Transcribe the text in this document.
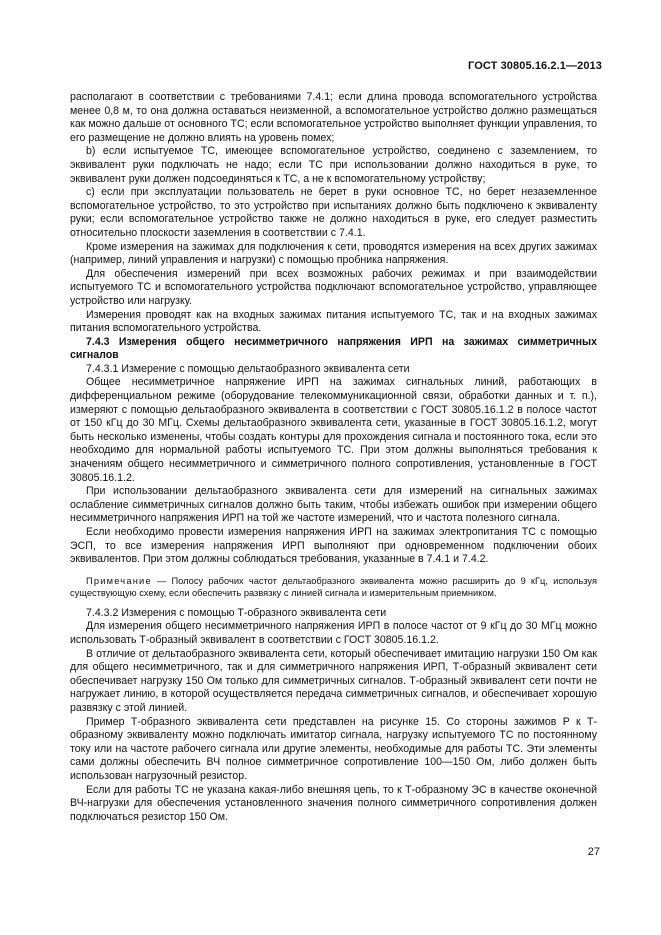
ГОСТ 30805.16.2.1—2013

располагают в соответствии с требованиями 7.4.1; если длина провода вспомогательного устройства менее 0,8 м, то она должна оставаться неизменной, а вспомогательное устройство должно размещаться как можно дальше от основного ТС; если вспомогательное устройство выполняет функции управления, то его размещение не должно влиять на уровень помех;

b) если испытуемое ТС, имеющее вспомогательное устройство, соединено с заземлением, то эквивалент руки подключать не надо; если ТС при использовании должно находиться в руке, то эквивалент руки должен подсоединяться к ТС, а не к вспомогательному устройству;

c) если при эксплуатации пользователь не берет в руки основное ТС, но берет незаземленное вспомогательное устройство, то это устройство при испытаниях должно быть подключено к эквиваленту руки; если вспомогательное устройство также не должно находиться в руке, его следует разместить относительно плоскости заземления в соответствии с 7.4.1.

Кроме измерения на зажимах для подключения к сети, проводятся измерения на всех других зажимах (например, линий управления и нагрузки) с помощью пробника напряжения.

Для обеспечения измерений при всех возможных рабочих режимах и при взаимодействии испытуемого ТС и вспомогательного устройства подключают вспомогательное устройство, управляющее устройство или нагрузку.

Измерения проводят как на входных зажимах питания испытуемого ТС, так и на входных зажимах питания вспомогательного устройства.

7.4.3 Измерения общего несимметричного напряжения ИРП на зажимах симметричных сигналов

7.4.3.1 Измерение с помощью дельтаобразного эквивалента сети

Общее несимметричное напряжение ИРП на зажимах сигнальных линий, работающих в дифференциальном режиме (оборудование телекоммуникационной связи, обработки данных и т. п.), измеряют с помощью дельтаобразного эквивалента в соответствии с ГОСТ 30805.16.1.2 в полосе частот от 150 кГц до 30 МГц. Схемы дельтаобразного эквивалента сети, указанные в ГОСТ 30805.16.1.2, могут быть несколько изменены, чтобы создать контуры для прохождения сигнала и постоянного тока, если это необходимо для нормальной работы испытуемого ТС. При этом должны выполняться требования к значениям общего несимметричного и симметричного полного сопротивления, установленные в ГОСТ 30805.16.1.2.

При использовании дельтаобразного эквивалента сети для измерений на сигнальных зажимах ослабление симметричных сигналов должно быть таким, чтобы избежать ошибок при измерении общего несимметричного напряжения ИРП на той же частоте измерений, что и частота полезного сигнала.

Если необходимо провести измерения напряжения ИРП на зажимах электропитания ТС с помощью ЭСП, то все измерения напряжения ИРП выполняют при одновременном подключении обоих эквивалентов. При этом должны соблюдаться требования, указанные в 7.4.1 и 7.4.2.

Примечание — Полосу рабочих частот дельтаобразного эквивалента можно расширить до 9 кГц, используя существующую схему, если обеспечить развязку с линией сигнала и измерительным приемником.

7.4.3.2 Измерения с помощью Т-образного эквивалента сети

Для измерения общего несимметричного напряжения ИРП в полосе частот от 9 кГц до 30 МГц можно использовать Т-образный эквивалент в соответствии с ГОСТ 30805.16.1.2.

В отличие от дельтаобразного эквивалента сети, который обеспечивает имитацию нагрузки 150 Ом как для общего несимметричного, так и для симметричного напряжения ИРП, Т-образный эквивалент сети обеспечивает нагрузку 150 Ом только для симметричных сигналов. Т-образный эквивалент сети почти не нагружает линию, в которой осуществляется передача симметричных сигналов, и обеспечивает хорошую развязку с этой линией.

Пример Т-образного эквивалента сети представлен на рисунке 15. Со стороны зажимов P к Т-образному эквиваленту можно подключать имитатор сигнала, нагрузку испытуемого ТС по постоянному току или на частоте рабочего сигнала или другие элементы, необходимые для работы ТС. Эти элементы сами должны обеспечить ВЧ полное симметричное сопротивление 100—150 Ом, либо должен быть использован нагрузочный резистор.

Если для работы ТС не указана какая-либо внешняя цепь, то к Т-образному ЭС в качестве оконечной ВЧ-нагрузки для обеспечения установленного значения полного симметричного сопротивления должен подключаться резистор 150 Ом.

27
